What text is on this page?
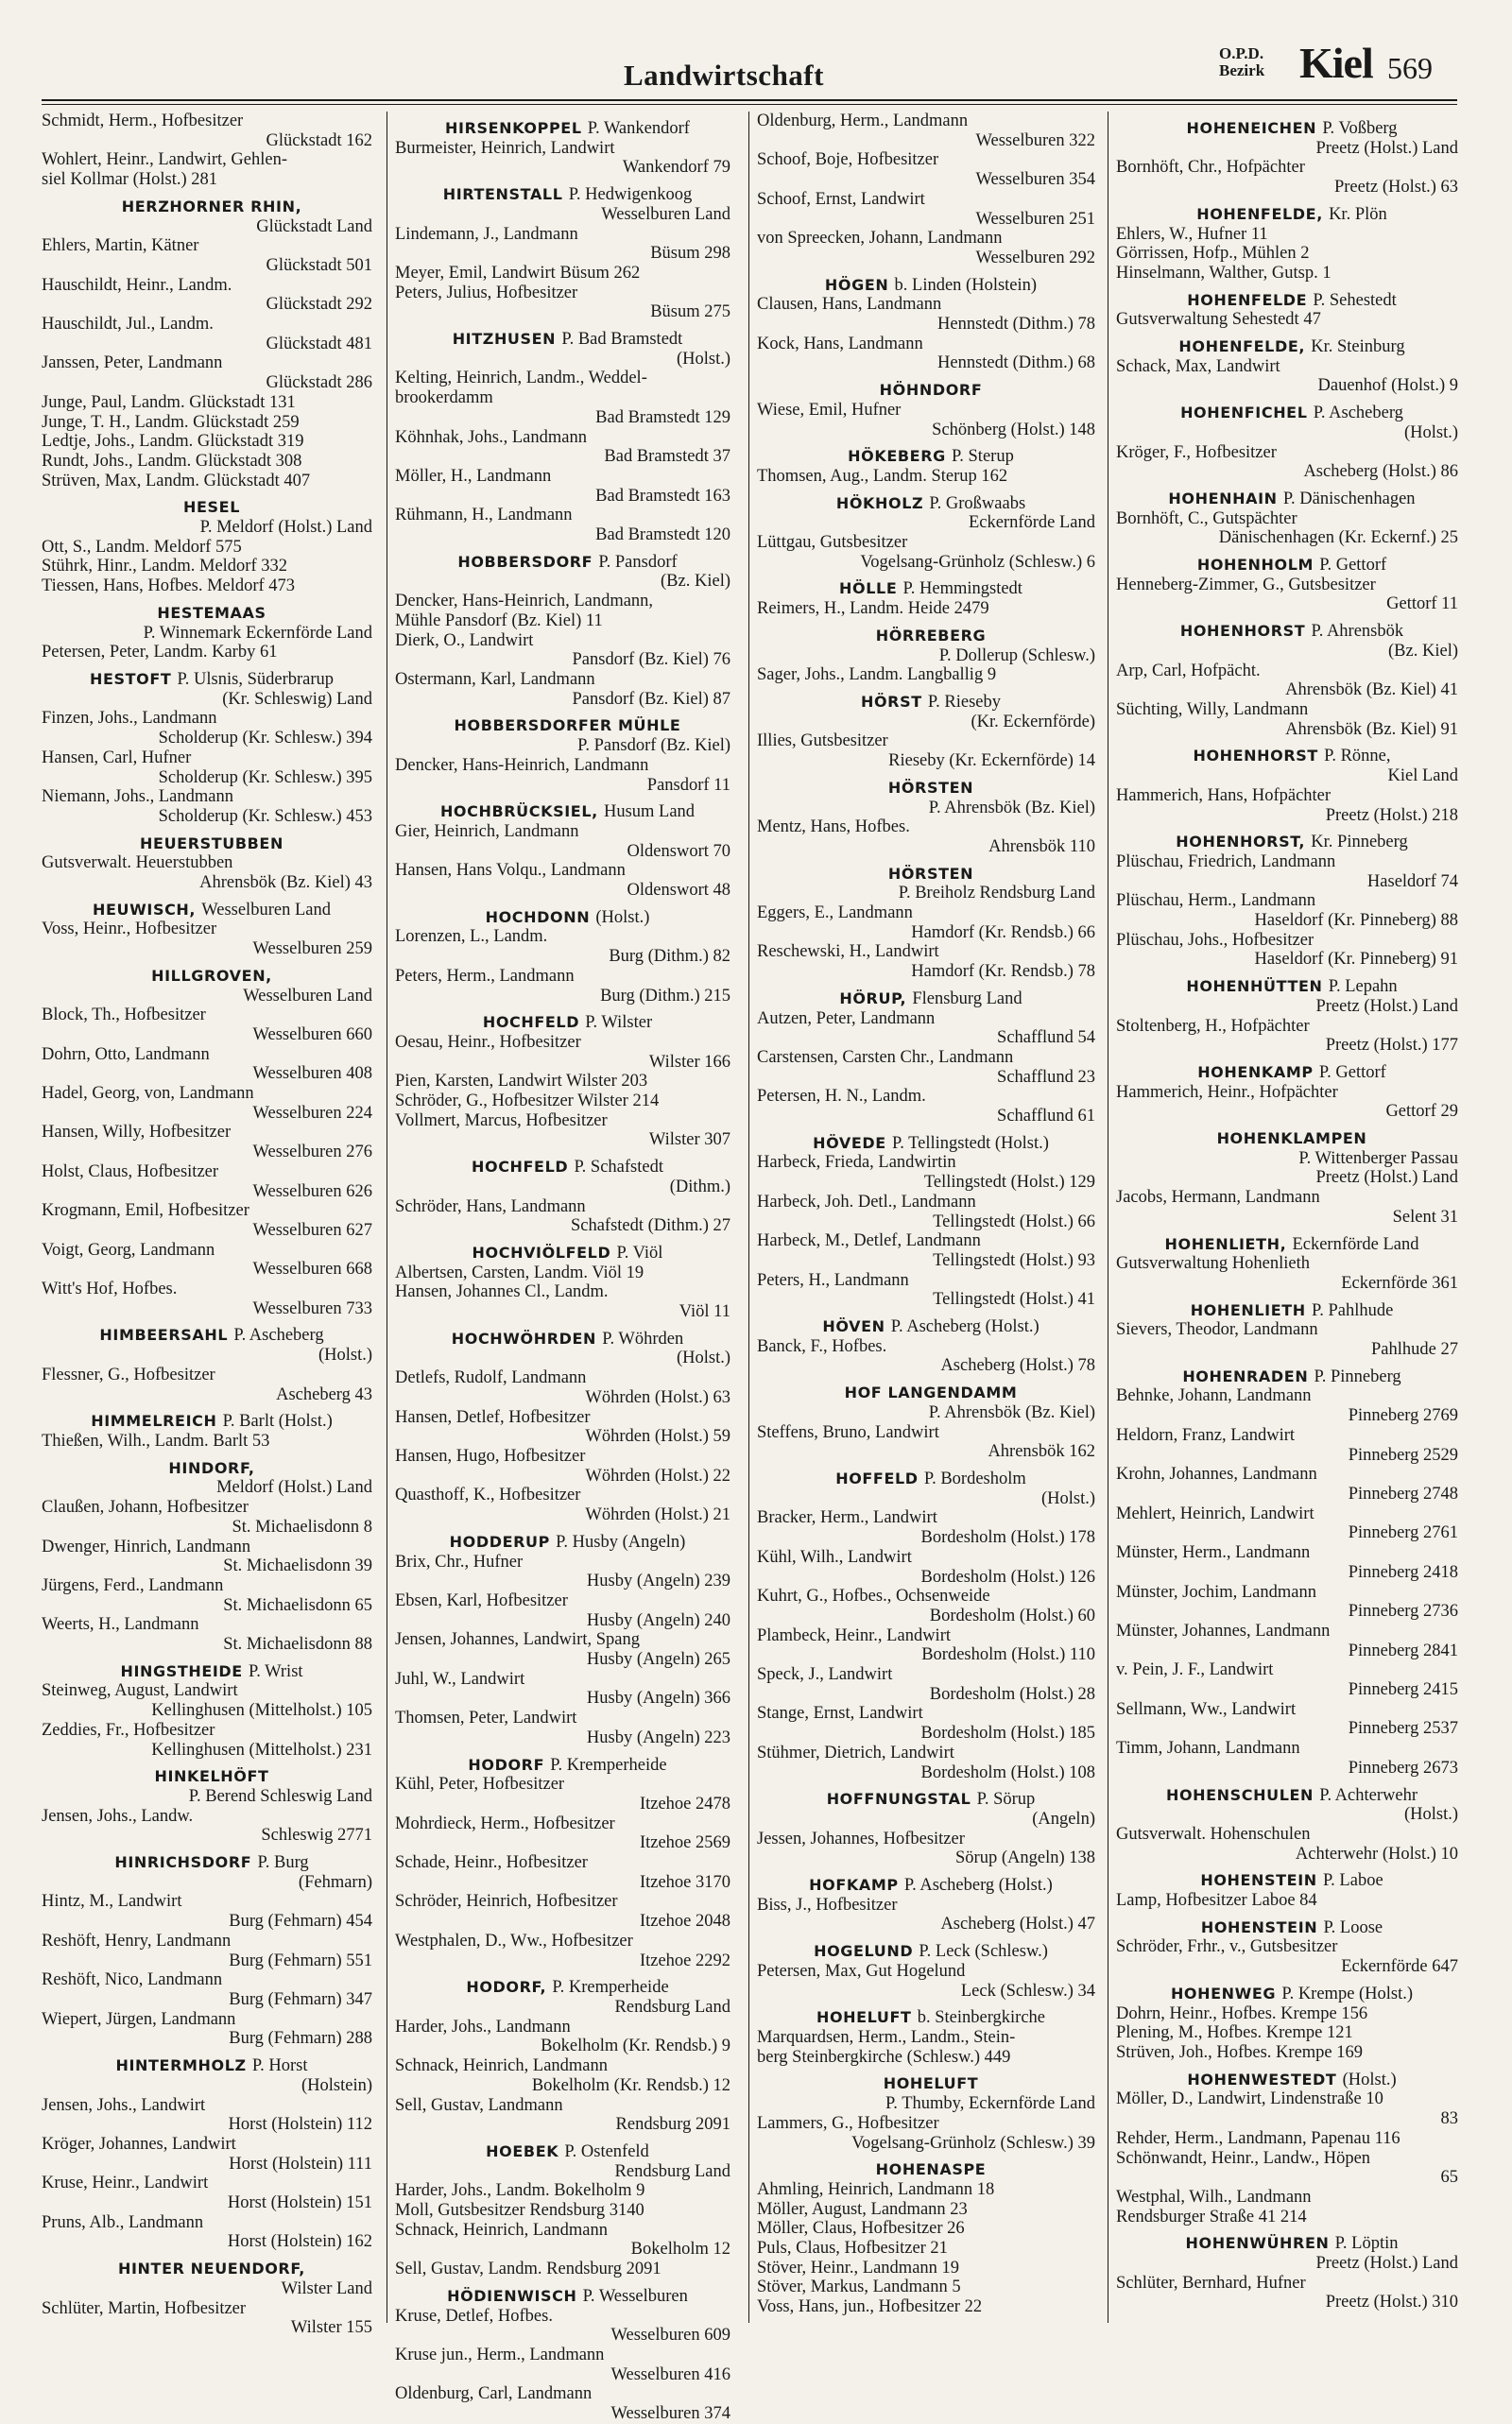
Landwirtschaft
O.P.D.
Bezirk Kiel 569
Schmidt, Herm., Hofbesitzer
Glückstadt 162
Wohlert, Heinr., Landwirt, Gehlen-
siel Kollmar (Holst.) 281
HERZHORNER RHIN,
Glückstadt Land
Ehlers, Martin, Kätner
Glückstadt 501
Hauschildt, Heinr., Landm.
Glückstadt 292
Hauschildt, Jul., Landm.
Glückstadt 481
Janssen, Peter, Landmann
Glückstadt 286
Junge, Paul, Landm. Glückstadt 131
Junge, T. H., Landm. Glückstadt 259
Ledtje, Johs., Landm. Glückstadt 319
Rundt, Johs., Landm. Glückstadt 308
Strüven, Max, Landm. Glückstadt 407
HESEL
P. Meldorf (Holst.) Land
Ott, S., Landm. Meldorf 575
Stührk, Hinr., Landm. Meldorf 332
Tiessen, Hans, Hofbes. Meldorf 473
HESTEMAAS
P. Winnemark Eckernförde Land
Petersen, Peter, Landm. Karby 61
HESTOFT P. Ulsnis, Süderbrarup
(Kr. Schleswig) Land
Finzen, Johs., Landmann
Scholderup (Kr. Schlesw.) 394
Hansen, Carl, Hufner
Scholderup (Kr. Schlesw.) 395
Niemann, Johs., Landmann
Scholderup (Kr. Schlesw.) 453
HEUERSTUBBEN
Gutsverwalt. Heuerstubben
Ahrensbök (Bz. Kiel) 43
HEUWISCH, Wesselburen Land
Voss, Heinr., Hofbesitzer
Wesselburen 259
HILLGROVEN,
Wesselburen Land
Block, Th., Hofbesitzer
Wesselburen 660
Dohrn, Otto, Landmann
Wesselburen 408
Hadel, Georg, von, Landmann
Wesselburen 224
Hansen, Willy, Hofbesitzer
Wesselburen 276
Holst, Claus, Hofbesitzer
Wesselburen 626
Krogmann, Emil, Hofbesitzer
Wesselburen 627
Voigt, Georg, Landmann
Wesselburen 668
Witt's Hof, Hofbes.
Wesselburen 733
HIMBEERSAHL P. Ascheberg
(Holst.)
Flessner, G., Hofbesitzer
Ascheberg 43
HIMMELREICH P. Barlt (Holst.)
Thießen, Wilh., Landm. Barlt 53
HINDORF,
Meldorf (Holst.) Land
Claußen, Johann, Hofbesitzer
St. Michaelisdonn 8
Dwenger, Hinrich, Landmann
St. Michaelisdonn 39
Jürgens, Ferd., Landmann
St. Michaelisdonn 65
Weerts, H., Landmann
St. Michaelisdonn 88
HINGSTHEIDE P. Wrist
Steinweg, August, Landwirt
Kellinghusen (Mittelholst.) 105
Zeddies, Fr., Hofbesitzer
Kellinghusen (Mittelholst.) 231
HINKELHÖFT
P. Berend Schleswig Land
Jensen, Johs., Landw.
Schleswig 2771
HINRICHSDORF P. Burg
(Fehmarn)
Hintz, M., Landwirt
Burg (Fehmarn) 454
Reshöft, Henry, Landmann
Burg (Fehmarn) 551
Reshöft, Nico, Landmann
Burg (Fehmarn) 347
Wiepert, Jürgen, Landmann
Burg (Fehmarn) 288
HINTERMHOLZ P. Horst
(Holstein)
Jensen, Johs., Landwirt
Horst (Holstein) 112
Kröger, Johannes, Landwirt
Horst (Holstein) 111
Kruse, Heinr., Landwirt
Horst (Holstein) 151
Pruns, Alb., Landmann
Horst (Holstein) 162
HINTER NEUENDORF,
Wilster Land
Schlüter, Martin, Hofbesitzer
Wilster 155
HIRSENKOPPEL P. Wankendorf
Burmeister, Heinrich, Landwirt
Wankendorf 79
HIRTENSTALL P. Hedwigenkoog
Wesselburen Land
Lindemann, J., Landmann
Büsum 298
Meyer, Emil, Landwirt Büsum 262
Peters, Julius, Hofbesitzer
Büsum 275
HITZHUSEN P. Bad Bramstedt
(Holst.)
Kelting, Heinrich, Landm., Weddel-
brookerdamm
Bad Bramstedt 129
Köhnhak, Johs., Landmann
Bad Bramstedt 37
Möller, H., Landmann
Bad Bramstedt 163
Rühmann, H., Landmann
Bad Bramstedt 120
HOBBERSDORF P. Pansdorf
(Bz. Kiel)
Dencker, Hans-Heinrich, Landmann,
Mühle Pansdorf (Bz. Kiel) 11
Dierk, O., Landwirt
Pansdorf (Bz. Kiel) 76
Ostermann, Karl, Landmann
Pansdorf (Bz. Kiel) 87
HOBBERSDORFER MÜHLE
P. Pansdorf (Bz. Kiel)
Dencker, Hans-Heinrich, Landmann
Pansdorf 11
HOCHBRÜCKSIEL, Husum Land
Gier, Heinrich, Landmann
Oldenswort 70
Hansen, Hans Volqu., Landmann
Oldenswort 48
HOCHDONN (Holst.)
Lorenzen, L., Landm.
Burg (Dithm.) 82
Peters, Herm., Landmann
Burg (Dithm.) 215
HOCHFELD P. Wilster
Oesau, Heinr., Hofbesitzer
Wilster 166
Pien, Karsten, Landwirt Wilster 203
Schröder, G., Hofbesitzer Wilster 214
Vollmert, Marcus, Hofbesitzer
Wilster 307
HOCHFELD P. Schafstedt
(Dithm.)
Schröder, Hans, Landmann
Schafstedt (Dithm.) 27
HOCHVIÖLFELD P. Viöl
Albertsen, Carsten, Landm. Viöl 19
Hansen, Johannes Cl., Landm.
Viöl 11
HOCHWÖHRDEN P. Wöhrden
(Holst.)
Detlefs, Rudolf, Landmann
Wöhrden (Holst.) 63
Hansen, Detlef, Hofbesitzer
Wöhrden (Holst.) 59
Hansen, Hugo, Hofbesitzer
Wöhrden (Holst.) 22
Quasthoff, K., Hofbesitzer
Wöhrden (Holst.) 21
HODDERUP P. Husby (Angeln)
Brix, Chr., Hufner
Husby (Angeln) 239
Ebsen, Karl, Hofbesitzer
Husby (Angeln) 240
Jensen, Johannes, Landwirt, Spang
Husby (Angeln) 265
Juhl, W., Landwirt
Husby (Angeln) 366
Thomsen, Peter, Landwirt
Husby (Angeln) 223
HODORF P. Kremperheide
Kühl, Peter, Hofbesitzer
Itzehoe 2478
Mohrdieck, Herm., Hofbesitzer
Itzehoe 2569
Schade, Heinr., Hofbesitzer
Itzehoe 3170
Schröder, Heinrich, Hofbesitzer
Itzehoe 2048
Westphalen, D., Ww., Hofbesitzer
Itzehoe 2292
HODORF, P. Kremperheide
Rendsburg Land
Harder, Johs., Landmann
Bokelholm (Kr. Rendsb.) 9
Schnack, Heinrich, Landmann
Bokelholm (Kr. Rendsb.) 12
Sell, Gustav, Landmann
Rendsburg 2091
HOEBEK P. Ostenfeld
Rendsburg Land
Harder, Johs., Landm. Bokelholm 9
Moll, Gutsbesitzer Rendsburg 3140
Schnack, Heinrich, Landmann
Bokelholm 12
Sell, Gustav, Landm. Rendsburg 2091
HÖDIENWISCH P. Wesselburen
Kruse, Detlef, Hofbes.
Wesselburen 609
Kruse jun., Herm., Landmann
Wesselburen 416
Oldenburg, Carl, Landmann
Wesselburen 374
Oldenburg, Herm., Landmann
Wesselburen 322
Schoof, Boje, Hofbesitzer
Wesselburen 354
Schoof, Ernst, Landwirt
Wesselburen 251
von Spreecken, Johann, Landmann
Wesselburen 292
HÖGEN b. Linden (Holstein)
Clausen, Hans, Landmann
Hennstedt (Dithm.) 78
Kock, Hans, Landmann
Hennstedt (Dithm.) 68
HÖHNDORF
Wiese, Emil, Hufner
Schönberg (Holst.) 148
HÖKEBERG P. Sterup
Thomsen, Aug., Landm. Sterup 162
HÖKHOLZ P. Großwaabs
Eckernförde Land
Lüttgau, Gutsbesitzer
Vogelsang-Grünholz (Schlesw.) 6
HÖLLE P. Hemmingstedt
Reimers, H., Landm. Heide 2479
HÖRREBERG
P. Dollerup (Schlesw.)
Sager, Johs., Landm. Langballig 9
HÖRST P. Rieseby
(Kr. Eckernförde)
Illies, Gutsbesitzer
Rieseby (Kr. Eckernförde) 14
HÖRSTEN
P. Ahrensbök (Bz. Kiel)
Mentz, Hans, Hofbes.
Ahrensbök 110
HÖRSTEN
P. Breiholz Rendsburg Land
Eggers, E., Landmann
Hamdorf (Kr. Rendsb.) 66
Reschewski, H., Landwirt
Hamdorf (Kr. Rendsb.) 78
HÖRUP, Flensburg Land
Autzen, Peter, Landmann
Schafflund 54
Carstensen, Carsten Chr., Landmann
Schafflund 23
Petersen, H. N., Landm.
Schafflund 61
HÖVEDE P. Tellingstedt (Holst.)
Harbeck, Frieda, Landwirtin
Tellingstedt (Holst.) 129
Harbeck, Joh. Detl., Landmann
Tellingstedt (Holst.) 66
Harbeck, M., Detlef, Landmann
Tellingstedt (Holst.) 93
Peters, H., Landmann
Tellingstedt (Holst.) 41
HÖVEN P. Ascheberg (Holst.)
Banck, F., Hofbes.
Ascheberg (Holst.) 78
HOF LANGENDAMM
P. Ahrensbök (Bz. Kiel)
Steffens, Bruno, Landwirt
Ahrensbök 162
HOFFELD P. Bordesholm
(Holst.)
Bracker, Herm., Landwirt
Bordesholm (Holst.) 178
Kühl, Wilh., Landwirt
Bordesholm (Holst.) 126
Kuhrt, G., Hofbes., Ochsenweide
Bordesholm (Holst.) 60
Plambeck, Heinr., Landwirt
Bordesholm (Holst.) 110
Speck, J., Landwirt
Bordesholm (Holst.) 28
Stange, Ernst, Landwirt
Bordesholm (Holst.) 185
Stühmer, Dietrich, Landwirt
Bordesholm (Holst.) 108
HOFFNUNGSTAL P. Sörup
(Angeln)
Jessen, Johannes, Hofbesitzer
Sörup (Angeln) 138
HOFKAMP P. Ascheberg (Holst.)
Biss, J., Hofbesitzer
Ascheberg (Holst.) 47
HOGELUND P. Leck (Schlesw.)
Petersen, Max, Gut Hogelund
Leck (Schlesw.) 34
HOHELUFT b. Steinbergkirche
Marquardsen, Herm., Landm., Stein-
berg Steinbergkirche (Schlesw.) 449
HOHELUFT
P. Thumby, Eckernförde Land
Lammers, G., Hofbesitzer
Vogelsang-Grünholz (Schlesw.) 39
HOHENASPE
Ahmling, Heinrich, Landmann 18
Möller, August, Landmann 23
Möller, Claus, Hofbesitzer 26
Puls, Claus, Hofbesitzer 21
Stöver, Heinr., Landmann 19
Stöver, Markus, Landmann 5
Voss, Hans, jun., Hofbesitzer 22
HOHENEICHEN P. Voßberg
Preetz (Holst.) Land
Bornhöft, Chr., Hofpächter
Preetz (Holst.) 63
HOHENFELDE, Kr. Plön
Ehlers, W., Hufner 11
Görrissen, Hofp., Mühlen 2
Hinselmann, Walther, Gutsp. 1
HOHENFELDE P. Sehestedt
Gutsverwaltung Sehestedt 47
HOHENFELDE, Kr. Steinburg
Schack, Max, Landwirt
Dauenhof (Holst.) 9
HOHENFICHEL P. Ascheberg
(Holst.)
Kröger, F., Hofbesitzer
Ascheberg (Holst.) 86
HOHENHAIN P. Dänischenhagen
Bornhöft, C., Gutspächter
Dänischenhagen (Kr. Eckernf.) 25
HOHENHOLM P. Gettorf
Henneberg-Zimmer, G., Gutsbesitzer
Gettorf 11
HOHENHORST P. Ahrensbök
(Bz. Kiel)
Arp, Carl, Hofpächt.
Ahrensbök (Bz. Kiel) 41
Süchting, Willy, Landmann
Ahrensbök (Bz. Kiel) 91
HOHENHORST P. Rönne,
Kiel Land
Hammerich, Hans, Hofpächter
Preetz (Holst.) 218
HOHENHORST, Kr. Pinneberg
Plüschau, Friedrich, Landmann
Haseldorf 74
Plüschau, Herm., Landmann
Haseldorf (Kr. Pinneberg) 88
Plüschau, Johs., Hofbesitzer
Haseldorf (Kr. Pinneberg) 91
HOHENHÜTTEN P. Lepahn
Preetz (Holst.) Land
Stoltenberg, H., Hofpächter
Preetz (Holst.) 177
HOHENKAMP P. Gettorf
Hammerich, Heinr., Hofpächter
Gettorf 29
HOHENKLAMPEN
P. Wittenberger Passau
Preetz (Holst.) Land
Jacobs, Hermann, Landmann
Selent 31
HOHENLIETH, Eckernförde Land
Gutsverwaltung Hohenlieth
Eckernförde 361
HOHENLIETH P. Pahlhude
Sievers, Theodor, Landmann
Pahlhude 27
HOHENRADEN P. Pinneberg
Behnke, Johann, Landmann
Pinneberg 2769
Heldorn, Franz, Landwirt
Pinneberg 2529
Krohn, Johannes, Landmann
Pinneberg 2748
Mehlert, Heinrich, Landwirt
Pinneberg 2761
Münster, Herm., Landmann
Pinneberg 2418
Münster, Jochim, Landmann
Pinneberg 2736
Münster, Johannes, Landmann
Pinneberg 2841
v. Pein, J. F., Landwirt
Pinneberg 2415
Sellmann, Ww., Landwirt
Pinneberg 2537
Timm, Johann, Landmann
Pinneberg 2673
HOHENSCHULEN P. Achterwehr
(Holst.)
Gutsverwalt. Hohenschulen
Achterwehr (Holst.) 10
HOHENSTEIN P. Laboe
Lamp, Hofbesitzer Laboe 84
HOHENSTEIN P. Loose
Schröder, Frhr., v., Gutsbesitzer
Eckernförde 647
HOHENWEG P. Krempe (Holst.)
Dohrn, Heinr., Hofbes. Krempe 156
Plening, M., Hofbes. Krempe 121
Strüven, Joh., Hofbes. Krempe 169
HOHENWESTEDT (Holst.)
Möller, D., Landwirt, Lindenstraße 10
83
Rehder, Herm., Landmann, Papenau 116
Schönwandt, Heinr., Landw., Höpen
65
Westphal, Wilh., Landmann
Rendsburger Straße 41 214
HOHENWÜHREN P. Löptin
Preetz (Holst.) Land
Schlüter, Bernhard, Hufner
Preetz (Holst.) 310
